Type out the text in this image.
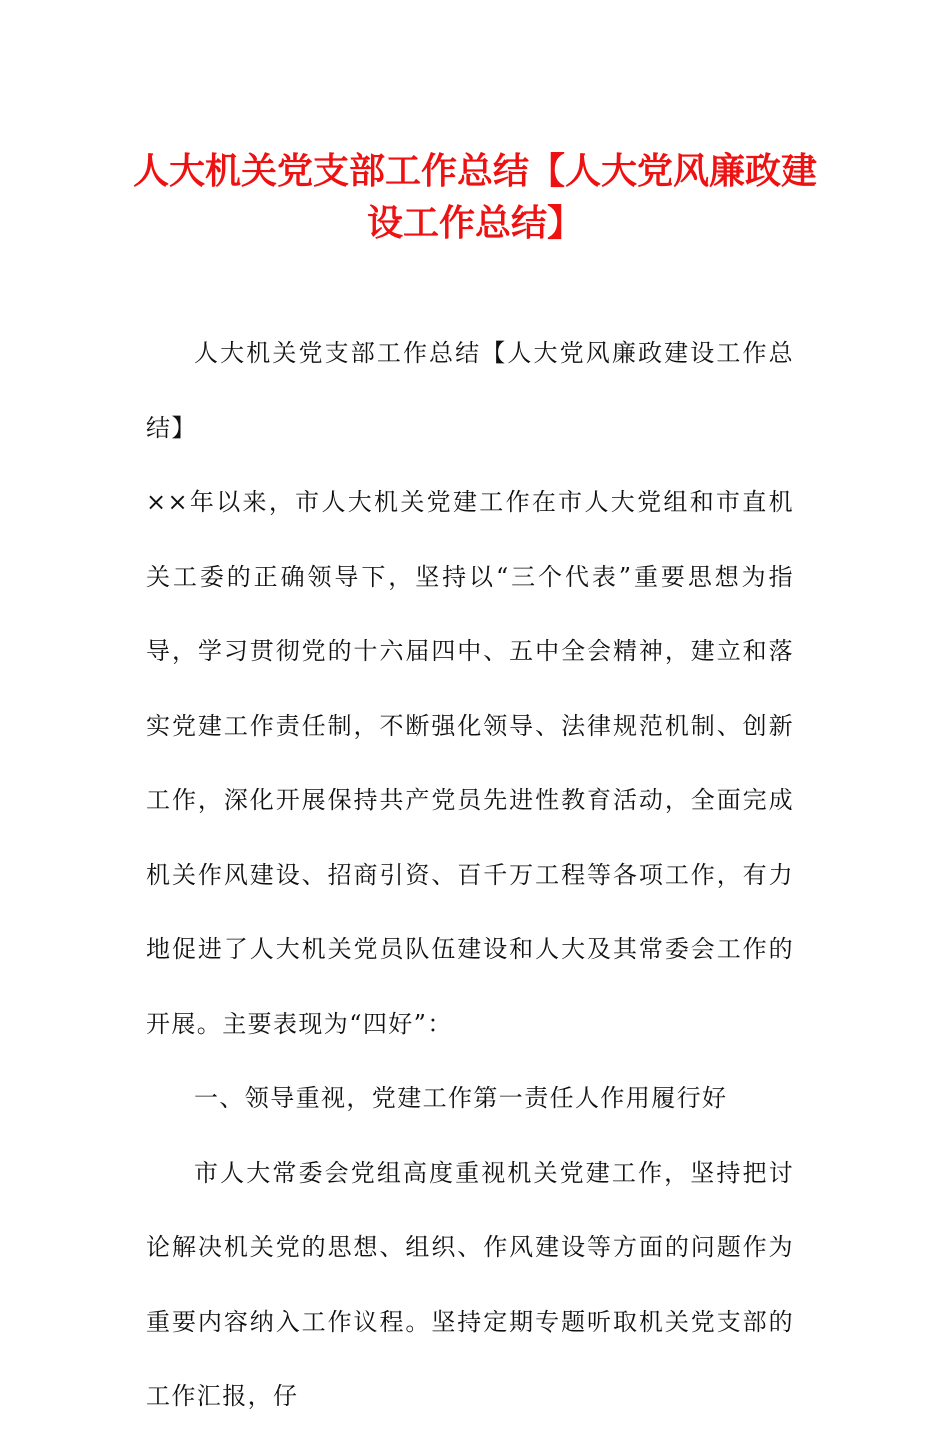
人大机关党支部工作总结【人大党风廉政建设工作总结】

人大机关党支部工作总结【人大党风廉政建设工作总结】

××年以来，市人大机关党建工作在市人大党组和市直机关工委的正确领导下，坚持以“三个代表”重要思想为指导，学习贯彻党的十六届四中、五中全会精神，建立和落实党建工作责任制，不断强化领导、法律规范机制、创新工作，深化开展保持共产党员先进性教育活动，全面完成机关作风建设、招商引资、百千万工程等各项工作，有力地促进了人大机关党员队伍建设和人大及其常委会工作的开展。主要表现为“四好”：

一、领导重视，党建工作第一责任人作用履行好

市人大常委会党组高度重视机关党建工作，坚持把讨论解决机关党的思想、组织、作风建设等方面的问题作为重要内容纳入工作议程。坚持定期专题听取机关党支部的工作汇报，仔
